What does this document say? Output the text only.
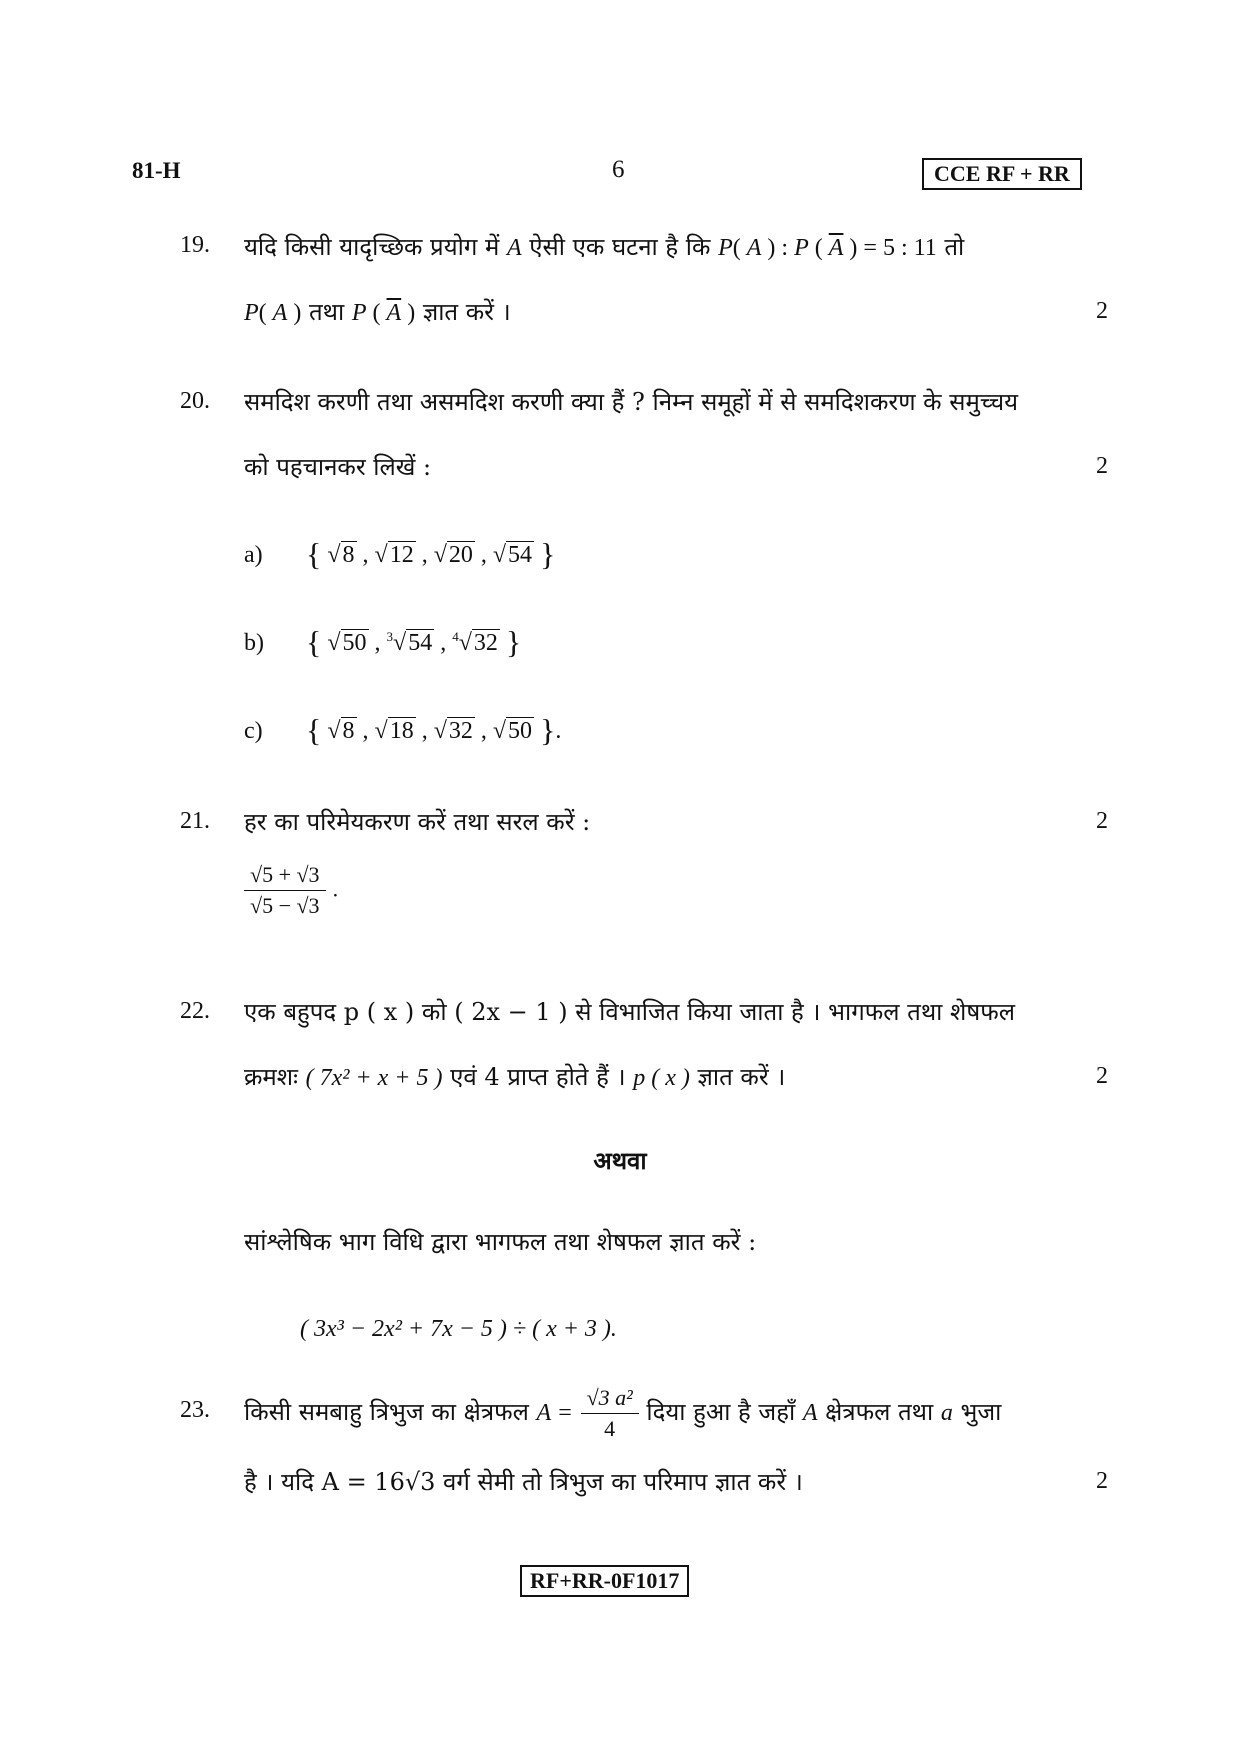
81-H	6	CCE RF + RR
19. यदि किसी यादृच्छिक प्रयोग में A ऐसी एक घटना है कि P( A ) : P ( $\overline{A}$ ) = 5 : 11 तो
P( A ) तथा P ( $\overline{A}$ ) ज्ञात करें ।	2
20. समदिश करणी तथा असमदिश करणी क्या हैं ? निम्न समूहों में से समदिशकरण के समुच्चय
को पहचानकर लिखें :	2
a) { √8 , √12 , √20 , √54 }
b) { √50 , $^3$√54 , $^4$√32 }
c) { √8 , √18 , √32 , √50 }.
21. हर का परिमेयकरण करें तथा सरल करें :	2
$\frac{√5 + √3}{√5 - √3}$ .
22. एक बहुपद p ( x ) को ( 2x − 1 ) से विभाजित किया जाता है । भागफल तथा शेषफल
क्रमशः ( 7x² + x + 5 ) एवं 4 प्राप्त होते हैं । p ( x ) ज्ञात करें ।	2
अथवा
सांश्लेषिक भाग विधि द्वारा भागफल तथा शेषफल ज्ञात करें :
( 3x³ − 2x² + 7x − 5 ) ÷ ( x + 3 ).
23. किसी समबाहु त्रिभुज का क्षेत्रफल $A = \frac{\text{√3 a²}}{4}$ दिया हुआ है जहाँ A क्षेत्रफल तथा a भुजा
है । यदि A = 16√3 वर्ग सेमी तो त्रिभुज का परिमाप ज्ञात करें ।	2
RF+RR-0F1017
